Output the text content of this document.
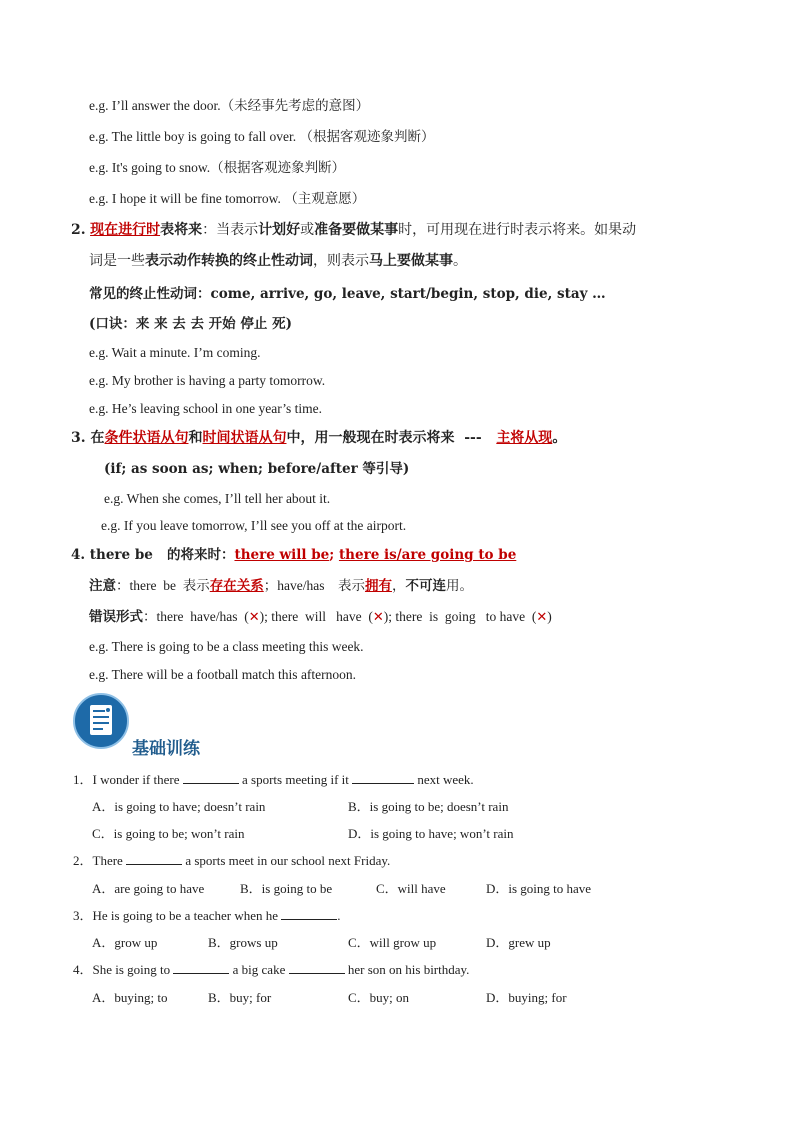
e.g. I’ll answer the door.（未经事先考虑的意图）
e.g. The little boy is going to fall over. （根据客观迹象判断）
e.g. It's going to snow.（根据客观迹象判断）
e.g. I hope it will be fine tomorrow. （主观意愿）
2. 现在进行时表将来：当表示计划好或准备要做某事时，可用现在进行时表示将来。如果动
词是一些表示动作转换的终止性动词，则表示马上要做某事。
常见的终止性动词：come, arrive, go, leave, start/begin, stop, die, stay …
(口诀：来 来 去 去 开始 停止 死)
e.g. Wait a minute. I’m coming.
e.g. My brother is having a party tomorrow.
e.g. He’s leaving school in one year’s time.
3. 在条件状语从句和时间状语从句中，用一般现在时表示将来  ---   主将从现。
(if; as soon as; when; before/after 等引导)
e.g. When she comes, I’ll tell her about it.
e.g. If you leave tomorrow, I’ll see you off at the airport.
4. there be   的将来时：there will be; there is/are going to be
注意：there  be  表示存在关系；have/has    表示拥有，不可连用。
错误形式：there  have/has  (✕); there  will   have  (✕); there  is  going   to have  (✕)
e.g. There is going to be a class meeting this week.
e.g. There will be a football match this afternoon.
基础训练
1．I wonder if there	a sports meeting if it	next week.
A．is going to have; doesn’t rain	B．is going to be; doesn’t rain
C．is going to be; won’t rain	D．is going to have; won’t rain
2．There	a sports meet in our school next Friday.
A．are going to have	B．is going to be	C．will have	D．is going to have
3．He is going to be a teacher when he	.
A．grow up	B．grows up	C．will grow up	D．grew up
4．She is going to	a big cake	her son on his birthday.
A．buying; to	B．buy; for	C．buy; on	D．buying; for
